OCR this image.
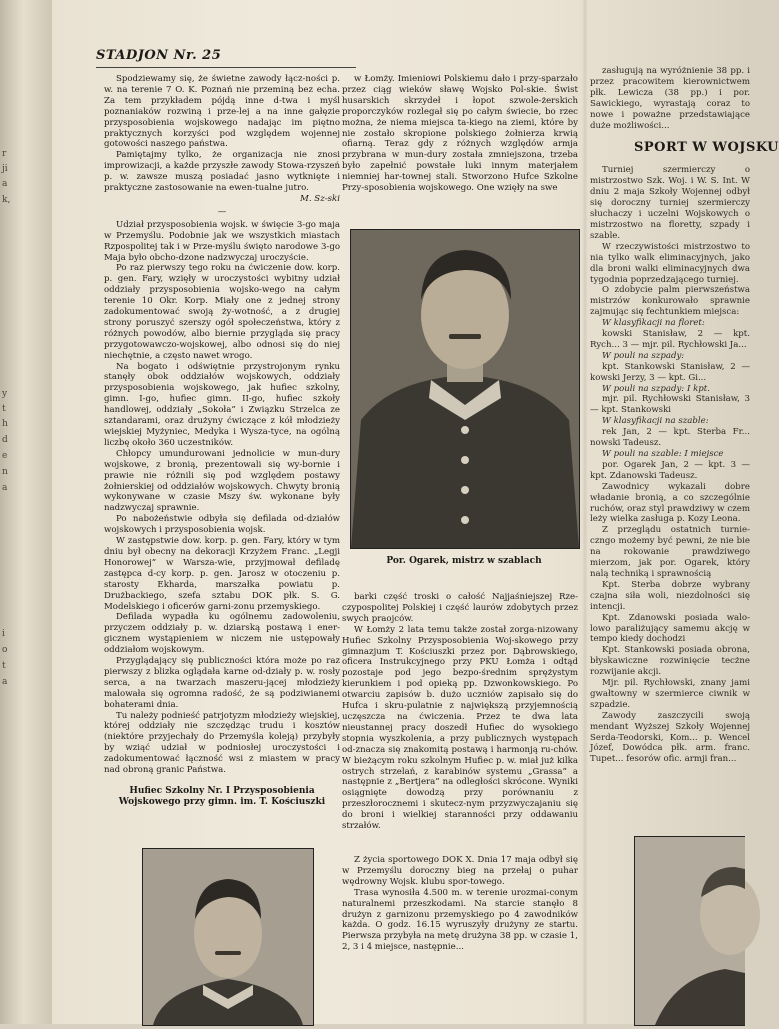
r
ji
a
k,
y
t
h
d
e
n
a
i
o
t
a
STADJON Nr. 25

Spodziewamy się, że świetne zawody łącz-ności p. w. na terenie 7 O. K. Poznań nie przeminą bez echa. Za tem przykładem pójdą inne d-twa i myśl poznaniaków rozwiną i prze-lej a na inne gałęzie przysposobienia wojskowego nadając im piętno praktycznych korzyści pod względem wojennej gotowości naszego państwa.

Pamiętajmy tylko, że organizacja nie znosi improwizacji, a każde przyszłe zawody Stowa-rzyszeń p. w. zawsze muszą posiadać jasno wytknięte i praktyczne zastosowanie na ewen-tualne jutro.

M. Sz-ski

—

Udział przysposobienia wojsk. w święcie 3-go maja w Przemyślu. Podobnie jak we wszystkich miastach Rzpospolitej tak i w Prze-myślu święto narodowe 3-go Maja było obcho-dzone nadzwyczaj uroczyście.

Po raz pierwszy tego roku na ćwiczenie dow. korp. p. gen. Fary, wzięły w uroczystości wybitny udział oddziały przysposobienia wojsko-wego na całym terenie 10 Okr. Korp. Miały one z jednej strony zadokumentować swoją ży-wotność, a z drugiej strony poruszyć szerszy ogół społeczeństwa, który z różnych powodów, albo biernie przygląda się pracy przygotowawczo-wojskowej, albo odnosi się do niej niechętnie, a często nawet wrogo.

Na bogato i odświętnie przystrojonym rynku stanęły obok oddziałów wojskowych, oddziały przysposobienia wojskowego, jak hufiec szkolny, gimn. I-go, hufiec gimn. II-go, hufiec szkoły handlowej, oddziały „Sokoła” i Związku Strzelca ze sztandarami, oraz drużyny ćwiczące z kół młodzieży wiejskiej Myżyniec, Medyka i Wysza-tyce, na ogólną liczbę około 360 uczestników.

Chłopcy umundurowani jednolicie w mun-dury wojskowe, z bronią, prezentowali się wy-bornie i prawie nie różnili się pod względem postawy żołnierskiej od oddziałów wojskowych. Chwyty bronią wykonywane w czasie Mszy św. wykonane były nadzwyczaj sprawnie.

Po nabożeństwie odbyła się defilada od-działów wojskowych i przysposobienia wojsk.

W zastępstwie dow. korp. p. gen. Fary, który w tym dniu był obecny na dekoracji Krzyżem Franc. „Legji Honorowej” w Warsza-wie, przyjmował defiladę zastępca d-cy korp. p. gen. Jarosz w otoczeniu p. starosty Ekharda, marszałka powiatu p. Drużbackiego, szefa sztabu DOK płk. S. G. Modelskiego i oficerów garni-zonu przemyskiego.

Defilada wypadła ku ogólnemu zadowoleniu, przyczem oddziały p. w. dziarską postawą i ener-gicznem wystąpieniem w niczem nie ustępowały oddziałom wojskowym.

Przyglądający się publiczności która może po raz pierwszy z blizka oglądała karne od-działy p. w. rosły serca, a na twarzach maszeru-jącej młodzieży malowała się ogromna radość, że są podziwianemi bohaterami dnia.

Tu należy podnieść patrjotyzm młodzieży wiejskiej, której oddziały nie szczędząc trudu i kosztów (niektóre przyjechały do Przemyśla koleją) przybyły by wziąć udział w podniosłej uroczystości i zadokumentować łączność wsi z miastem w pracy nad obroną granic Państwa.

Hufiec Szkolny Nr. I Przysposobienia Wojskowego przy gimn. im. T. Kościuszki

w Łomży. Imieniowi Polskiemu dało i przy-sparzało przez ciąg wieków sławę Wojsko Pol-skie. Świst husarskich skrzydeł i łopot szwole-żerskich proporczyków rozlegał się po całym świecie, bo rzec można, że niema miejsca ta-kiego na ziemi, które by nie zostało skropione polskiego żołnierza krwią ofiarną. Teraz gdy z różnych względów armja przybrana w mun-dury została zmniejszona, trzeba było zapełnić powstałe luki innym materjałem niemniej har-townej stali. Stworzono Hufce Szkolne Przy-sposobienia wojskowego. One wzięły na swe

Por. Ogarek, mistrz w szablach

barki część troski o całość Najjaśniejszej Rze-czypospolitej Polskiej i część laurów zdobytych przez swych praojców.

W Łomży 2 lata temu także został zorga-nizowany Hufiec Szkolny Przysposobienia Woj-skowego przy gimnazjum T. Kościuszki przez por. Dąbrowskiego, oficera Instrukcyjnego przy PKU Łomża i odtąd pozostaje pod jego bezpo-średnim sprężystym kierunkiem i pod opieką pp. Dzwonkowskiego. Po otwarciu zapisów b. dużo uczniów zapisało się do Hufca i skru-pulatnie z największą przyjemnością uczęszcza na ćwiczenia. Przez te dwa lata nieustannej pracy doszedł Hufiec do wysokiego stopnia wyszkolenia, a przy publicznych występach od-znacza się znakomitą postawą i harmonją ru-chów. W bieżącym roku szkolnym Hufiec p. w. miał już kilka ostrych strzelań, z karabinów systemu „Grassa” a następnie z „Bertjera” na odległości skrócone. Wyniki osiągnięte dowodzą przy porównaniu z przeszłorocznemi i skutecz-nym przyzwyczajaniu się do broni i wielkiej staranności przy oddawaniu strzałów.

Z życia sportowego DOK X. Dnia 17 maja odbył się w Przemyślu doroczny bieg na przełaj o puhar wędrowny Wojsk. klubu spor-towego.

Trasa wynosiła 4.500 m. w terenie urozmai-conym naturalnemi przeszkodami. Na starcie stanęło 8 drużyn z garnizonu przemyskiego po 4 zawodników każda. O godz. 16.15 wyruszyły drużyny ze startu. Pierwsza przybyła na metę drużyna 38 pp. w czasie 1, 2, 3 i 4 miejsce, następnie...

zasługują na wyróżnienie 38 pp. i przez pracowitem kierownictwem płk. Lewicza (38 pp.) i por. Sawickiego, wyrastają coraz to nowe i poważne przedstawiające duże możliwości...

Turniej szermierczy o mistrzostwo Szk. Woj. i W. S. Int. W dniu 2 maja Szkoły Wojennej odbył się doroczny turniej szermierczy słuchaczy i uczelni Wojskowych o mistrzostwo na floretty, szpady i szable.

W rzeczywistości mistrzostwo to nia tylko walk eliminacyjnych, jako dla broni walki eliminacyjnych dwa tygodnia poprzedzającego turniej.

O zdobycie palm pierwszeństwa mistrzów konkurowało sprawnie zajmując się fechtunkiem miejsca:

W klasyfikacji na floret:

kowski Stanisław, 2 — kpt. Rych... 3 — mjr. pil. Rychłowski Ja...

W pouli na szpady:

kpt. Stankowski Stanisław, 2 — kowski Jerzy, 3 — kpt. Gi...

W pouli na szpady: I kpt.

mjr. pil. Rychłowski Stanisław, 3 — kpt. Stankowski

W klasyfikacji na szable:

rek Jan, 2 — kpt. Sterba Fr... nowski Tadeusz.

W pouli na szable: I miejsce

por. Ogarek Jan, 2 — kpt. 3 — kpt. Zdanowski Tadeusz.

Zawodnicy wykazali dobre władanie bronią, a co szczególnie ruchów, oraz styl prawdziwy w czem leży wielka zasługa p. Kozy Leona.

Z przeglądu ostatnich turnie-czngo możemy być pewni, że nie bie na rokowanie prawdziwego mierzom, jak por. Ogarek, który nalą techniką i sprawnością

Kpt. Sterba dobrze wybrany czajna siła woli, niezdolności się intencji.

Kpt. Zdanowski posiada walo-lowo paraliżujący samemu akcję w tempo kiedy dochodzi

Kpt. Stankowski posiada obrona, błyskawiczne rozwinięcie tecżne rozwijanie akcji.

Mjr. pil. Rychłowski, znany jami gwałtowny w szermierce ciwnik w szpadzie.

Zawody zaszczycili swoją mendant Wyższej Szkoły Wojennej Serda-Teodorski, Kom... p. Wencel Józef, Dowódca płk. arm. franc. Tupet... fesorów ofic. armji fran...

SPORT W WOJSKU
